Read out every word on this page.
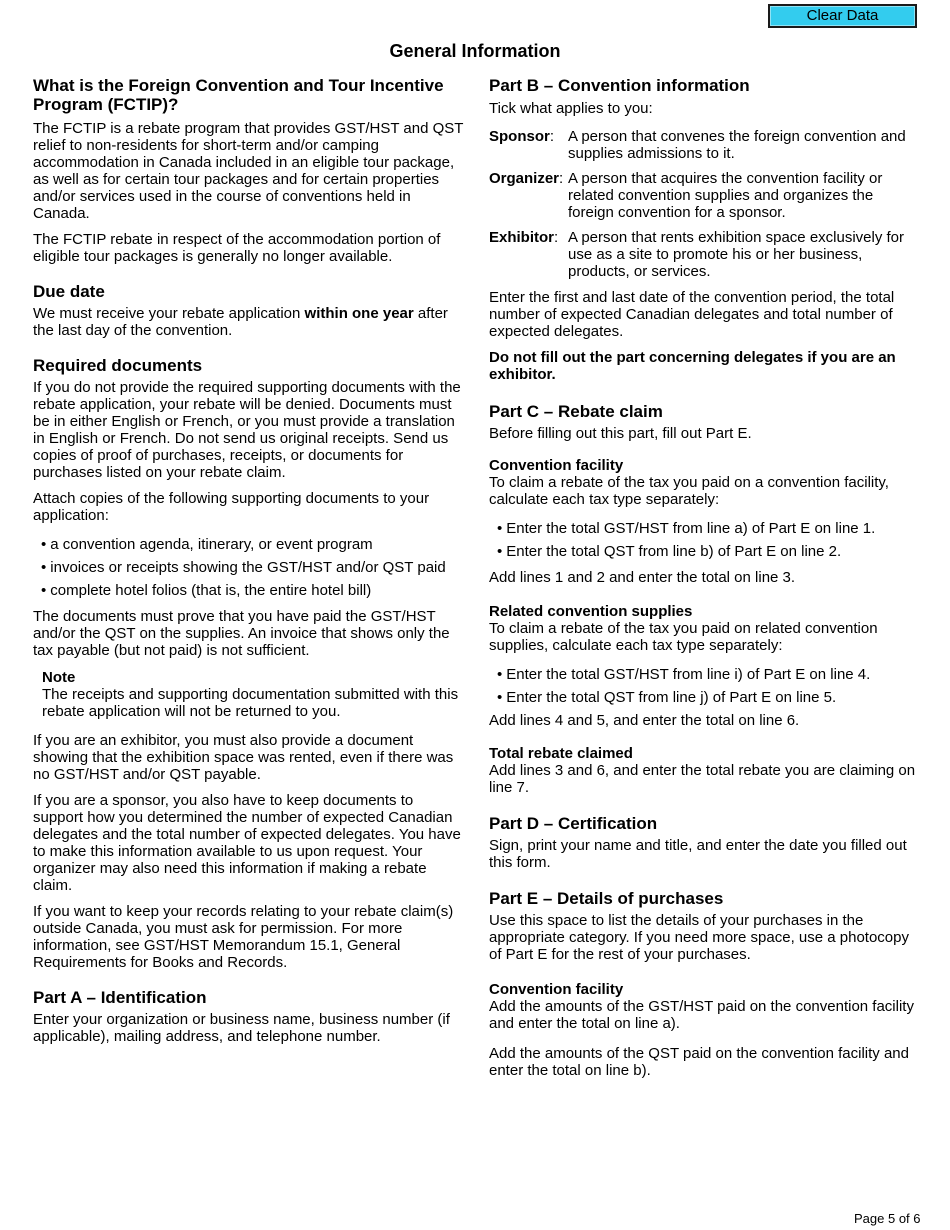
Clear Data
General Information
What is the Foreign Convention and Tour Incentive Program (FCTIP)?

The FCTIP is a rebate program that provides GST/HST and QST relief to non-residents for short-term and/or camping accommodation in Canada included in an eligible tour package, as well as for certain tour packages and for certain properties and/or services used in the course of conventions held in Canada.

The FCTIP rebate in respect of the accommodation portion of eligible tour packages is generally no longer available.

Due date

We must receive your rebate application within one year after the last day of the convention.

Required documents

If you do not provide the required supporting documents with the rebate application, your rebate will be denied. Documents must be in either English or French, or you must provide a translation in English or French. Do not send us original receipts. Send us copies of proof of purchases, receipts, or documents for purchases listed on your rebate claim.

Attach copies of the following supporting documents to your application:

• a convention agenda, itinerary, or event program
• invoices or receipts showing the GST/HST and/or QST paid
• complete hotel folios (that is, the entire hotel bill)

The documents must prove that you have paid the GST/HST and/or the QST on the supplies. An invoice that shows only the tax payable (but not paid) is not sufficient.

Note

The receipts and supporting documentation submitted with this rebate application will not be returned to you.

If you are an exhibitor, you must also provide a document showing that the exhibition space was rented, even if there was no GST/HST and/or QST payable.

If you are a sponsor, you also have to keep documents to support how you determined the number of expected Canadian delegates and the total number of expected delegates. You have to make this information available to us upon request. Your organizer may also need this information if making a rebate claim.

If you want to keep your records relating to your rebate claim(s) outside Canada, you must ask for permission. For more information, see GST/HST Memorandum 15.1, General Requirements for Books and Records.

Part A – Identification

Enter your organization or business name, business number (if applicable), mailing address, and telephone number.

Part B – Convention information

Tick what applies to you:

Sponsor: A person that convenes the foreign convention and supplies admissions to it.
Organizer: A person that acquires the convention facility or related convention supplies and organizes the foreign convention for a sponsor.
Exhibitor: A person that rents exhibition space exclusively for use as a site to promote his or her business, products, or services.

Enter the first and last date of the convention period, the total number of expected Canadian delegates and total number of expected delegates.

Do not fill out the part concerning delegates if you are an exhibitor.

Part C – Rebate claim

Before filling out this part, fill out Part E.

Convention facility

To claim a rebate of the tax you paid on a convention facility, calculate each tax type separately:

• Enter the total GST/HST from line a) of Part E on line 1.
• Enter the total QST from line b) of Part E on line 2.

Add lines 1 and 2 and enter the total on line 3.

Related convention supplies

To claim a rebate of the tax you paid on related convention supplies, calculate each tax type separately:

• Enter the total GST/HST from line i) of Part E on line 4.
• Enter the total QST from line j) of Part E on line 5.

Add lines 4 and 5, and enter the total on line 6.

Total rebate claimed

Add lines 3 and 6, and enter the total rebate you are claiming on line 7.

Part D – Certification

Sign, print your name and title, and enter the date you filled out this form.

Part E – Details of purchases

Use this space to list the details of your purchases in the appropriate category. If you need more space, use a photocopy of Part E for the rest of your purchases.

Convention facility

Add the amounts of the GST/HST paid on the convention facility and enter the total on line a).

Add the amounts of the QST paid on the convention facility and enter the total on line b).

Page 5 of 6
